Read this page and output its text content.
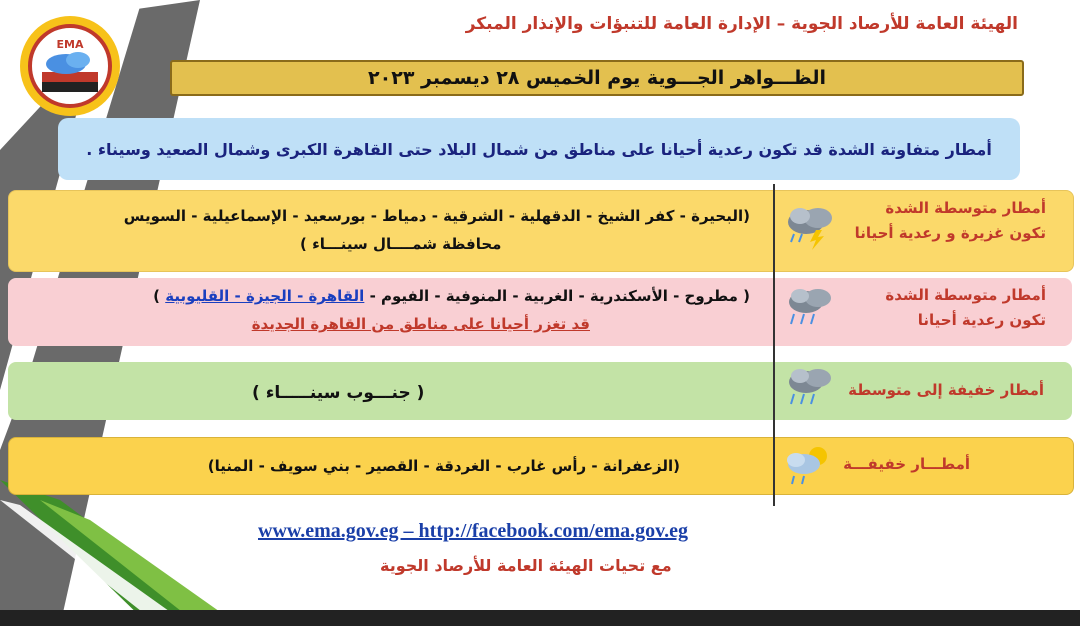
EMA
الهيئة العامة للأرصاد الجوية – الإدارة العامة للتنبؤات والإنذار المبكر
الظـــواهر الجـــوية يوم الخميس ٢٨ ديسمبر ٢٠٢٣
أمطار متفاوتة الشدة قد تكون رعدية أحيانا على مناطق من شمال البلاد حتى القاهرة الكبرى وشمال الصعيد وسيناء .
أمطار متوسطة الشدة
تكون غزيرة و رعدية أحيانا
(البحيرة - كفر الشيخ - الدقهلية - الشرقية - دمياط - بورسعيد - الإسماعيلية - السويس
محافظة شمــــال سينـــاء )
أمطار متوسطة الشدة
تكون رعدية أحيانا
( مطروح - الأسكندرية - الغربية - المنوفية - الفيوم - القاهرة - الجيزة - القليوبية )
قد تغزر أحيانا على مناطق من القاهرة الجديدة
أمطار خفيفة إلى متوسطة
( جنـــوب سينـــــاء )
أمطـــار خفيفـــة
(الزعفرانة - رأس غارب - الغردقة - القصير - بني سويف - المنيا)
www.ema.gov.eg – http://facebook.com/ema.gov.eg
مع تحيات الهيئة العامة للأرصاد الجوية
